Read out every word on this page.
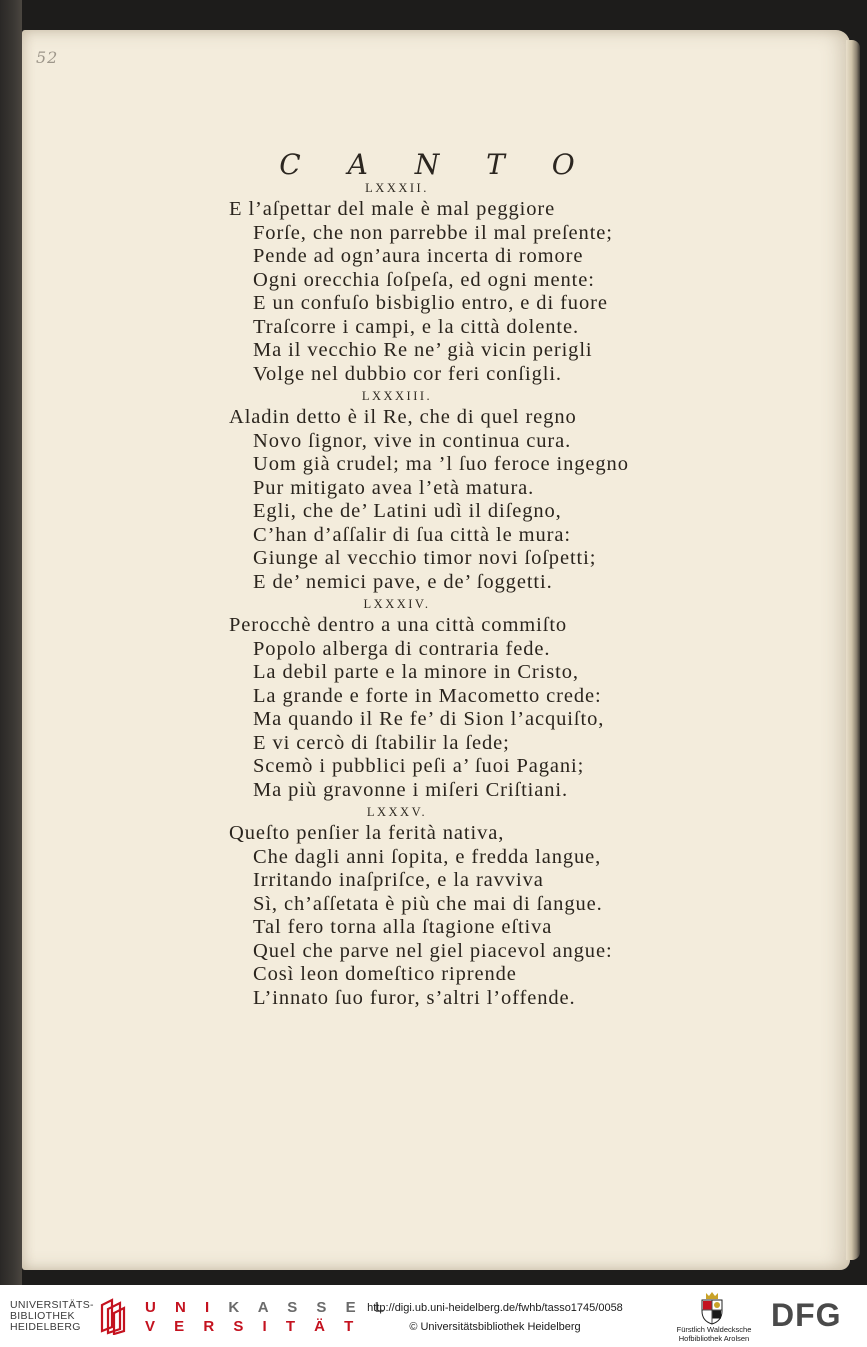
52
C A N T O
LXXXII.
E l’aſpettar del male è mal peggiore
Forſe, che non parrebbe il mal preſente;
Pende ad ogn’aura incerta di romore
Ogni orecchia ſoſpeſa, ed ogni mente:
E un confuſo bisbiglio entro, e di fuore
Traſcorre i campi, e la città dolente.
Ma il vecchio Re ne’ già vicin perigli
Volge nel dubbio cor feri conſigli.
LXXXIII.
Aladin detto è il Re, che di quel regno
Novo ſignor, vive in continua cura.
Uom già crudel; ma ’l ſuo feroce ingegno
Pur mitigato avea l’età matura.
Egli, che de’ Latini udì il diſegno,
C’han d’aſſalir di ſua città le mura:
Giunge al vecchio timor novi ſoſpetti;
E de’ nemici pave, e de’ ſoggetti.
LXXXIV.
Perocchè dentro a una città commiſto
Popolo alberga di contraria fede.
La debil parte e la minore in Cristo,
La grande e forte in Macometto crede:
Ma quando il Re fe’ di Sion l’acquiſto,
E vi cercò di ſtabilir la ſede;
Scemò i pubblici peſi a’ ſuoi Pagani;
Ma più gravonne i miſeri Criſtiani.
LXXXV.
Queſto penſier la ferità nativa,
Che dagli anni ſopita, e fredda langue,
Irritando inaſpriſce, e la ravviva
Sì, ch’aſſetata è più che mai di ſangue.
Tal fero torna alla ſtagione eſtiva
Quel che parve nel giel piacevol angue:
Così leon domeſtico riprende
L’innato ſuo furor, s’altri l’offende.
UNIVERSITÄTS-
BIBLIOTHEK
HEIDELBERG
U N I K A S S E L
V E R S I T Ä T
http://digi.ub.uni-heidelberg.de/fwhb/tasso1745/0058
© Universitätsbibliothek Heidelberg	Fürstlich Waldecksche
Hofbibliothek Arolsen
DFG
